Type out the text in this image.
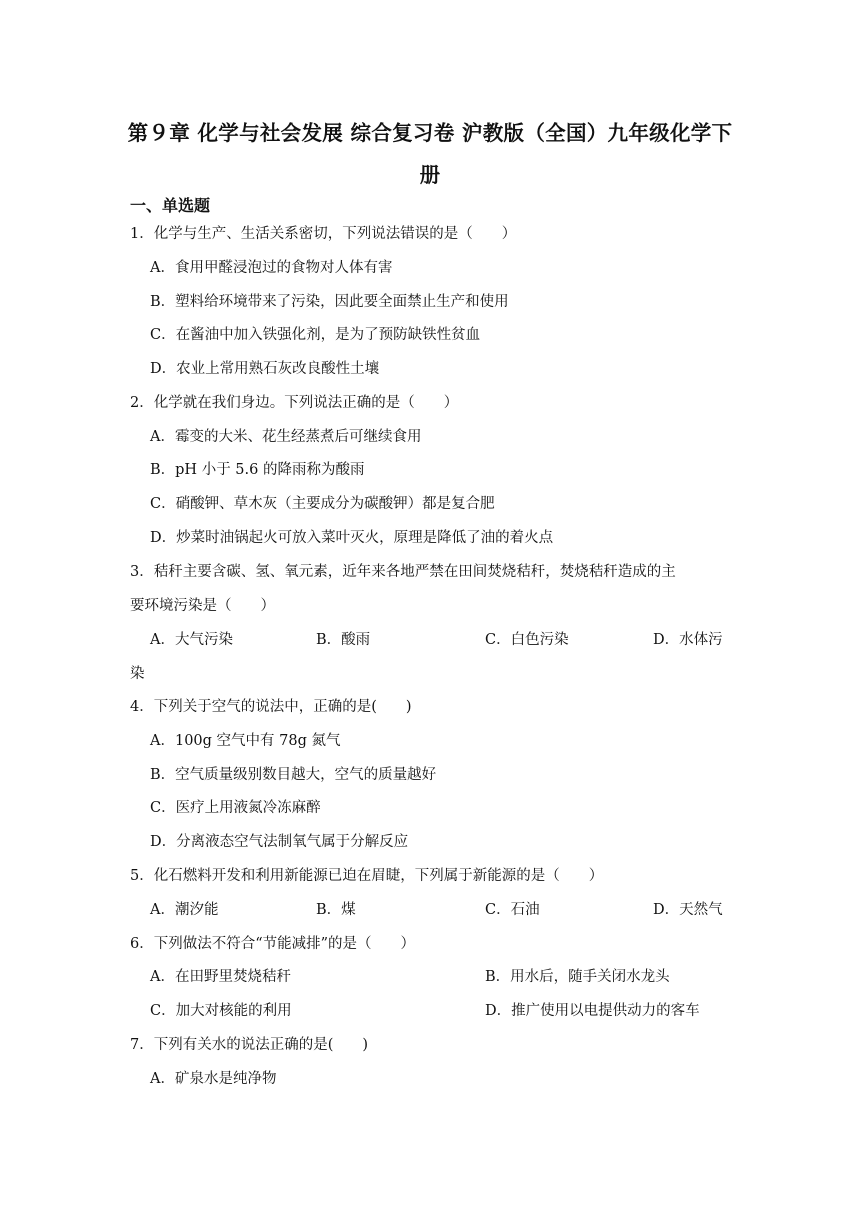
第９章 化学与社会发展 综合复习卷 沪教版（全国）九年级化学下
册
一、单选题
1．化学与生产、生活关系密切，下列说法错误的是（　　）
A．食用甲醛浸泡过的食物对人体有害
B．塑料给环境带来了污染，因此要全面禁止生产和使用
C．在酱油中加入铁强化剂，是为了预防缺铁性贫血
D．农业上常用熟石灰改良酸性土壤
2．化学就在我们身边。下列说法正确的是（　　）
A．霉变的大米、花生经蒸煮后可继续食用
B．pH 小于 5.6 的降雨称为酸雨
C．硝酸钾、草木灰（主要成分为碳酸钾）都是复合肥
D．炒菜时油锅起火可放入菜叶灭火，原理是降低了油的着火点
3．秸秆主要含碳、氢、氧元素，近年来各地严禁在田间焚烧秸秆，焚烧秸秆造成的主
要环境污染是（　　）
A．大气污染	B．酸雨	C．白色污染	D．水体污
染
4．下列关于空气的说法中，正确的是(　　)
A．100g 空气中有 78g 氮气
B．空气质量级别数目越大，空气的质量越好
C．医疗上用液氮冷冻麻醉
D．分离液态空气法制氧气属于分解反应
5．化石燃料开发和利用新能源已迫在眉睫，下列属于新能源的是（　　）
A．潮汐能	B．煤	C．石油	D．天然气
6．下列做法不符合“节能减排”的是（　　）
A．在田野里焚烧秸秆	B．用水后，随手关闭水龙头
C．加大对核能的利用	D．推广使用以电提供动力的客车
7．下列有关水的说法正确的是(　　)
A．矿泉水是纯净物
